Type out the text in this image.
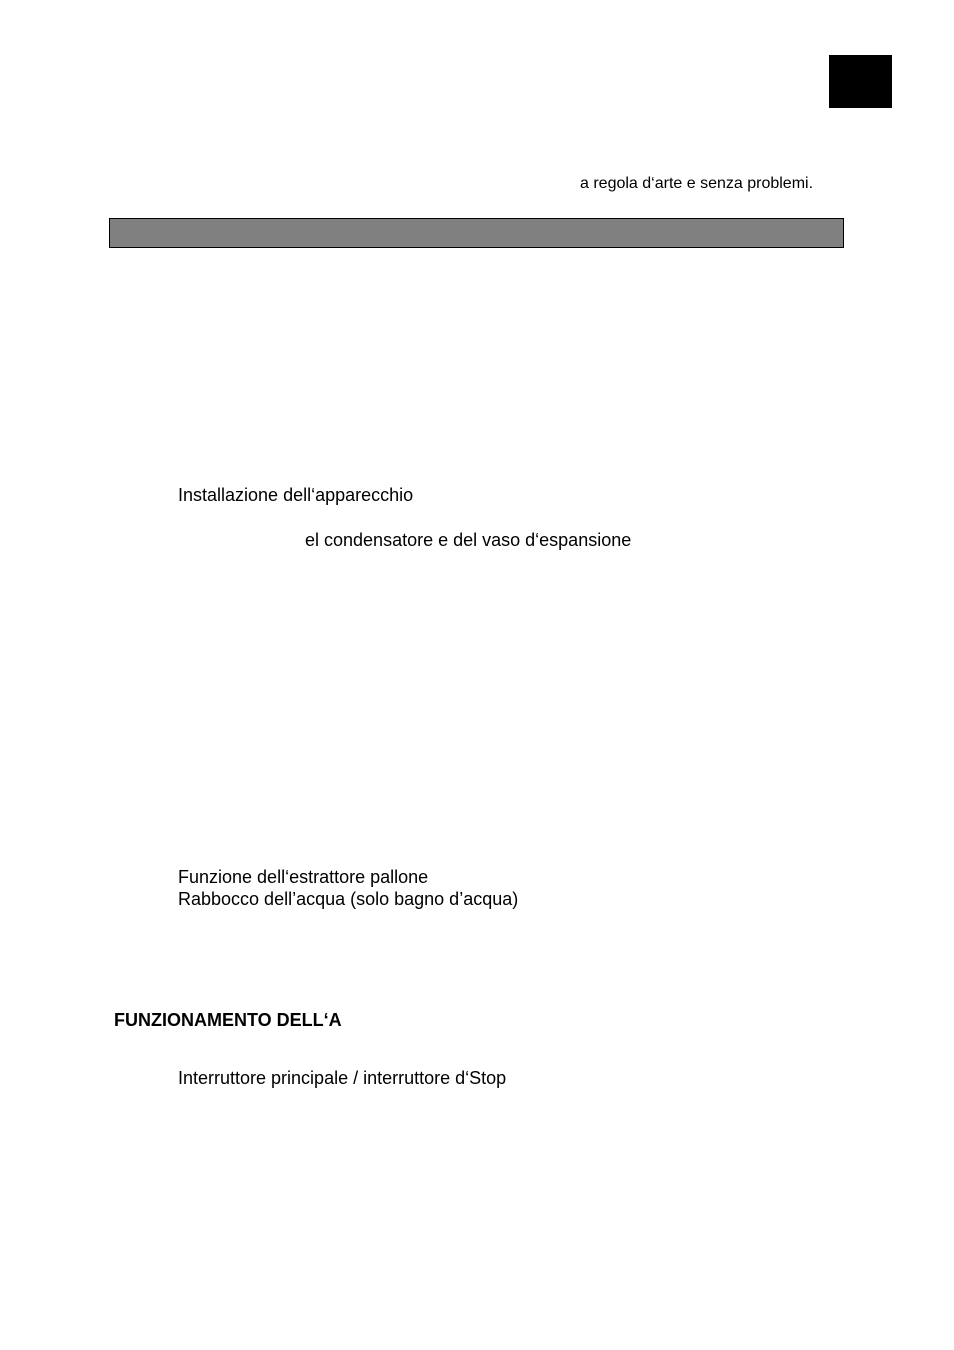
a regola d‘arte e senza problemi.
Installazione dell‘apparecchio
el condensatore e del vaso d‘espansione
Funzione dell‘estrattore pallone
Rabbocco dell’acqua (solo bagno d’acqua)
FUNZIONAMENTO DELL‘A
Interruttore principale / interruttore d‘Stop
